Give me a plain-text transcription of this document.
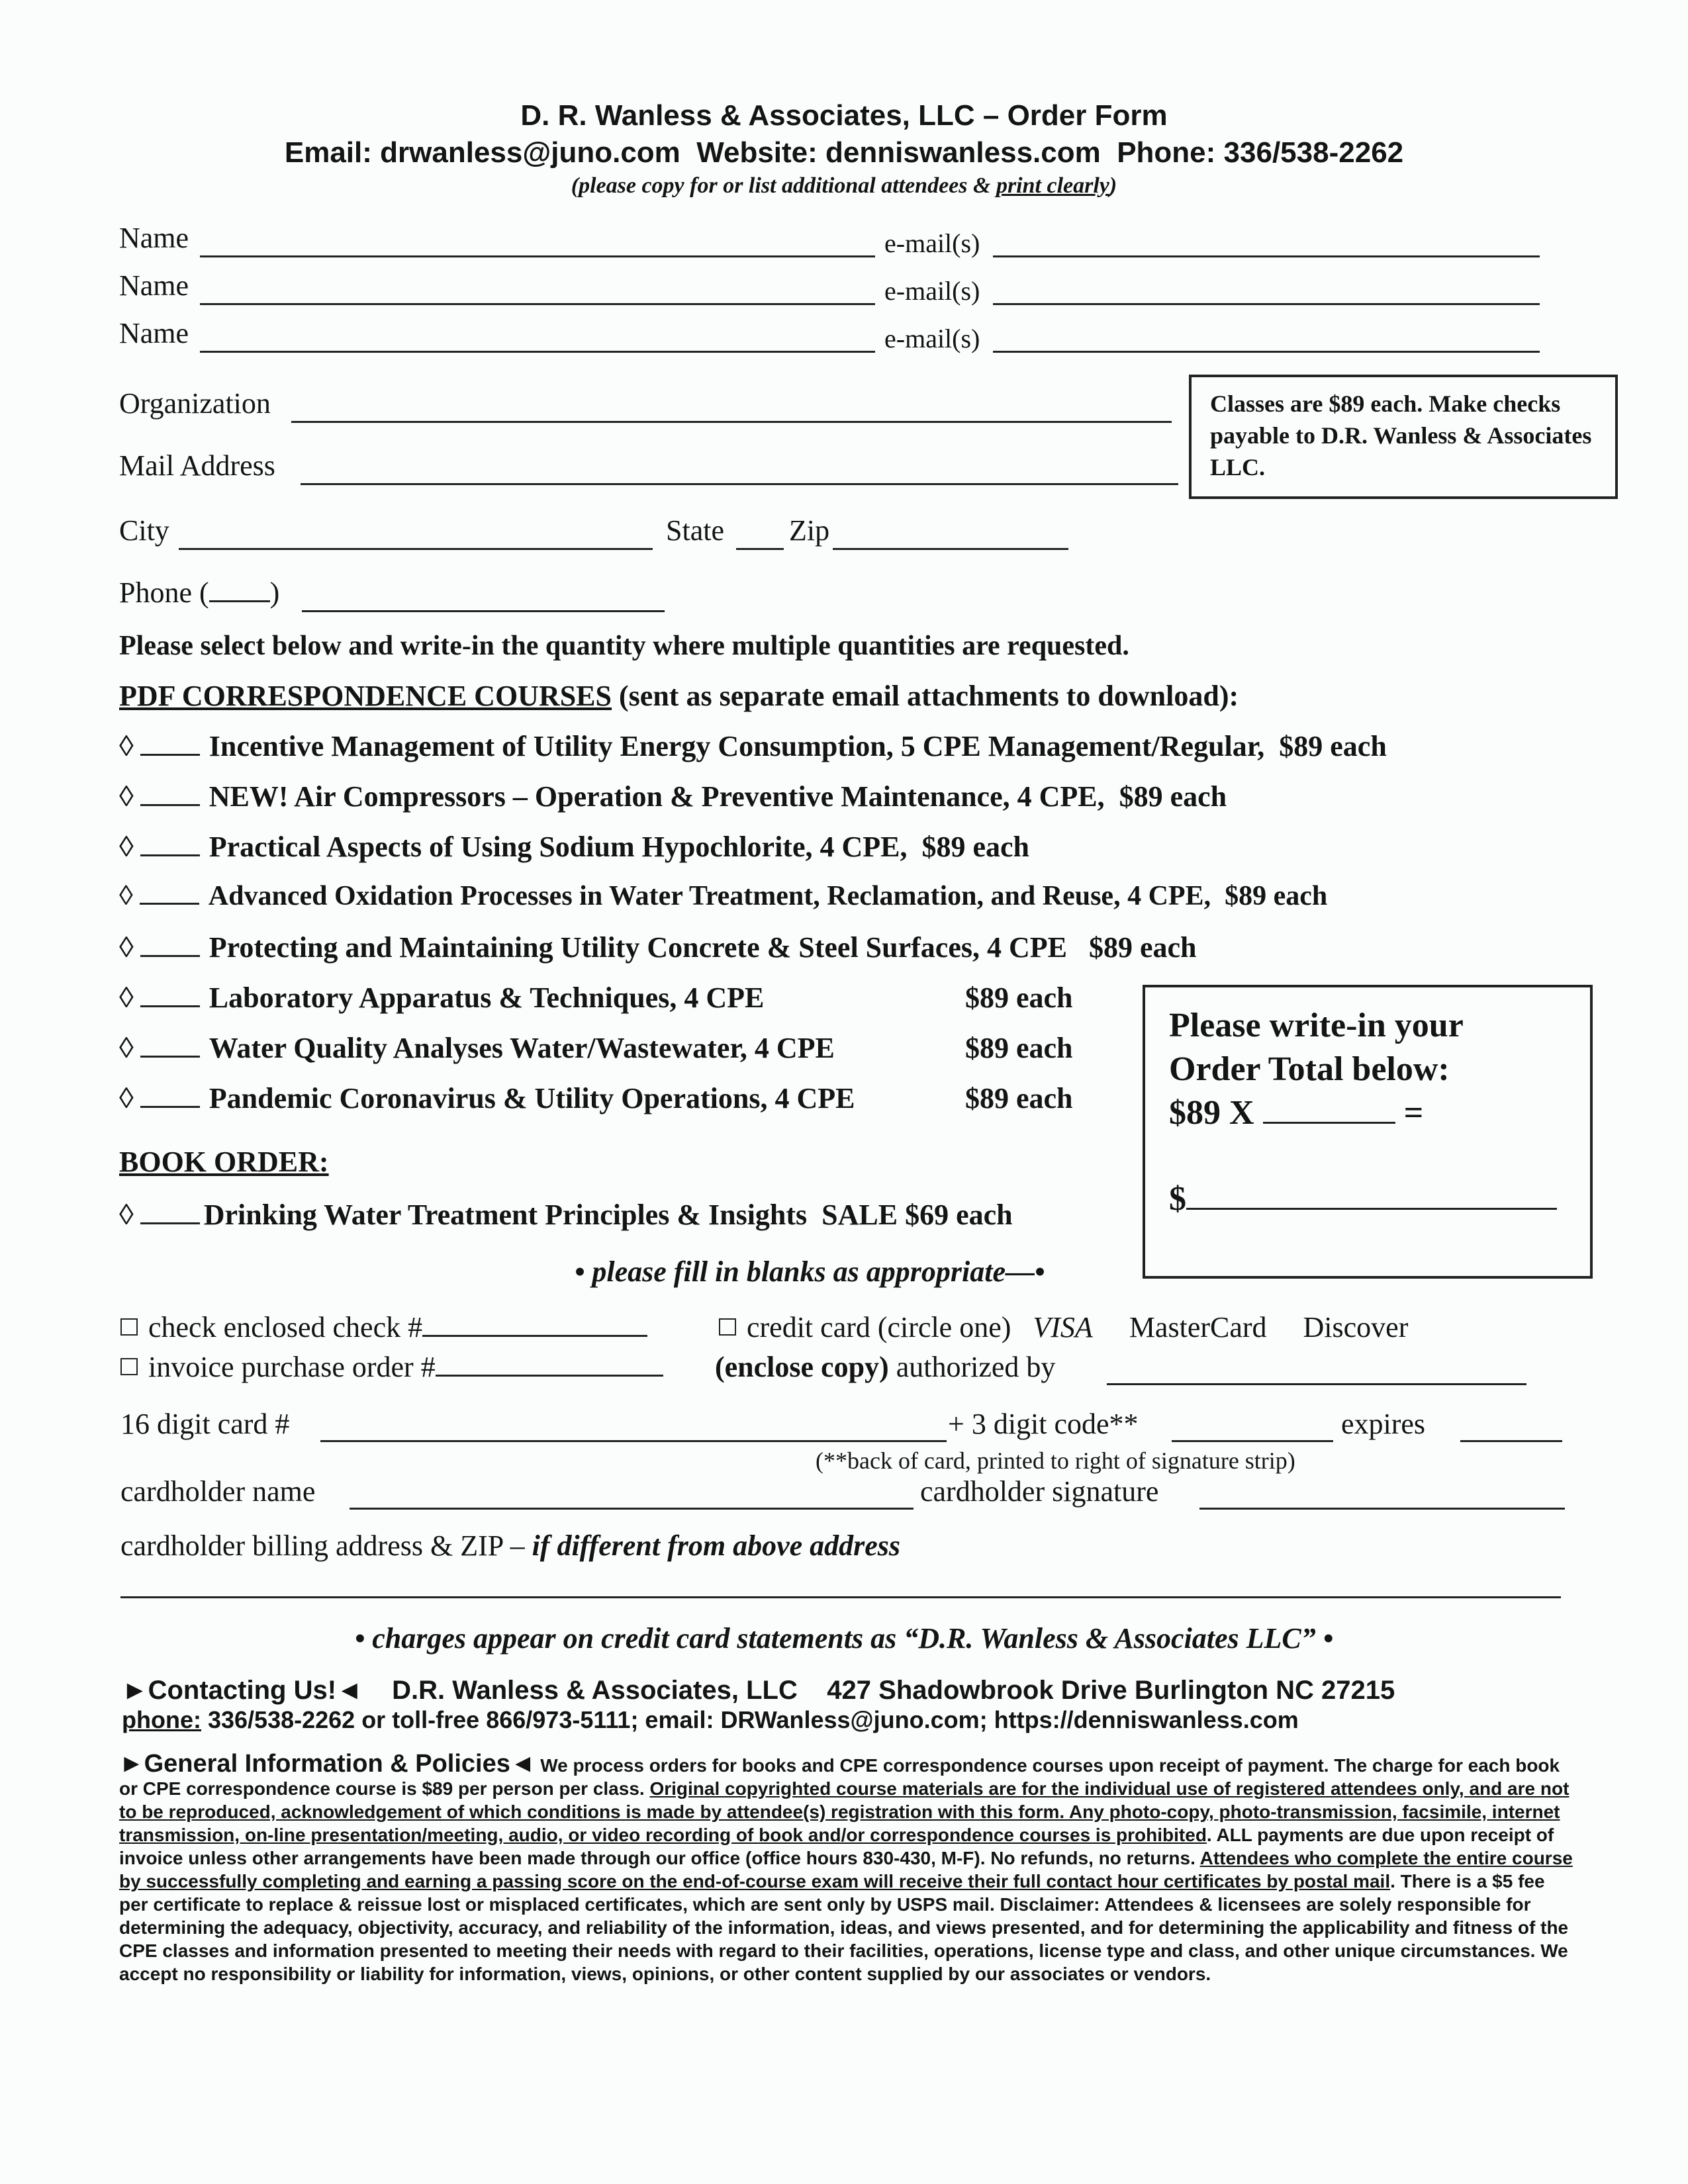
D. R. Wanless & Associates, LLC – Order Form
Email: drwanless@juno.com Website: denniswanless.com Phone: 336/538-2262
(please copy for or list additional attendees & print clearly)
Name	e-mail(s)
Name	e-mail(s)
Name	e-mail(s)
Organization
Mail Address
Classes are $89 each. Make checks payable to D.R. Wanless & Associates LLC.
City	State Zip
Phone ( )
Please select below and write-in the quantity where multiple quantities are requested.
PDF CORRESPONDENCE COURSES (sent as separate email attachments to download):
◊	Incentive Management of Utility Energy Consumption, 5 CPE Management/Regular, $89 each
◊	NEW! Air Compressors – Operation & Preventive Maintenance, 4 CPE, $89 each
◊	Practical Aspects of Using Sodium Hypochlorite, 4 CPE, $89 each
◊	Advanced Oxidation Processes in Water Treatment, Reclamation, and Reuse, 4 CPE, $89 each
◊	Protecting and Maintaining Utility Concrete & Steel Surfaces, 4 CPE $89 each
◊	Laboratory Apparatus & Techniques, 4 CPE	$89 each
◊	Water Quality Analyses Water/Wastewater, 4 CPE	$89 each
◊	Pandemic Coronavirus & Utility Operations, 4 CPE	$89 each
BOOK ORDER:
◊ Drinking Water Treatment Principles & Insights SALE $69 each
• please fill in blanks as appropriate—•
Please write-in your
Order Total below:
$89 X	=
$
check enclosed check #	credit card (circle one) VISA MasterCard Discover
invoice purchase order #	(enclose copy) authorized by
16 digit card #	+ 3 digit code**	expires
(**back of card, printed to right of signature strip)
cardholder name	cardholder signature
cardholder billing address & ZIP – if different from above address
• charges appear on credit card statements as “D.R. Wanless & Associates LLC” •
►Contacting Us!◄ D.R. Wanless & Associates, LLC 427 Shadowbrook Drive Burlington NC 27215
phone: 336/538-2262 or toll-free 866/973-5111; email: DRWanless@juno.com; https://denniswanless.com
►General Information & Policies◄ We process orders for books and CPE correspondence courses upon receipt of payment. The charge for each book or CPE correspondence course is $89 per person per class. Original copyrighted course materials are for the individual use of registered attendees only, and are not to be reproduced, acknowledgement of which conditions is made by attendee(s) registration with this form. Any photo-copy, photo-transmission, facsimile, internet transmission, on-line presentation/meeting, audio, or video recording of book and/or correspondence courses is prohibited. ALL payments are due upon receipt of invoice unless other arrangements have been made through our office (office hours 830-430, M-F). No refunds, no returns. Attendees who complete the entire course by successfully completing and earning a passing score on the end-of-course exam will receive their full contact hour certificates by postal mail. There is a $5 fee per certificate to replace & reissue lost or misplaced certificates, which are sent only by USPS mail. Disclaimer: Attendees & licensees are solely responsible for determining the adequacy, objectivity, accuracy, and reliability of the information, ideas, and views presented, and for determining the applicability and fitness of the CPE classes and information presented to meeting their needs with regard to their facilities, operations, license type and class, and other unique circumstances. We accept no responsibility or liability for information, views, opinions, or other content supplied by our associates or vendors.
